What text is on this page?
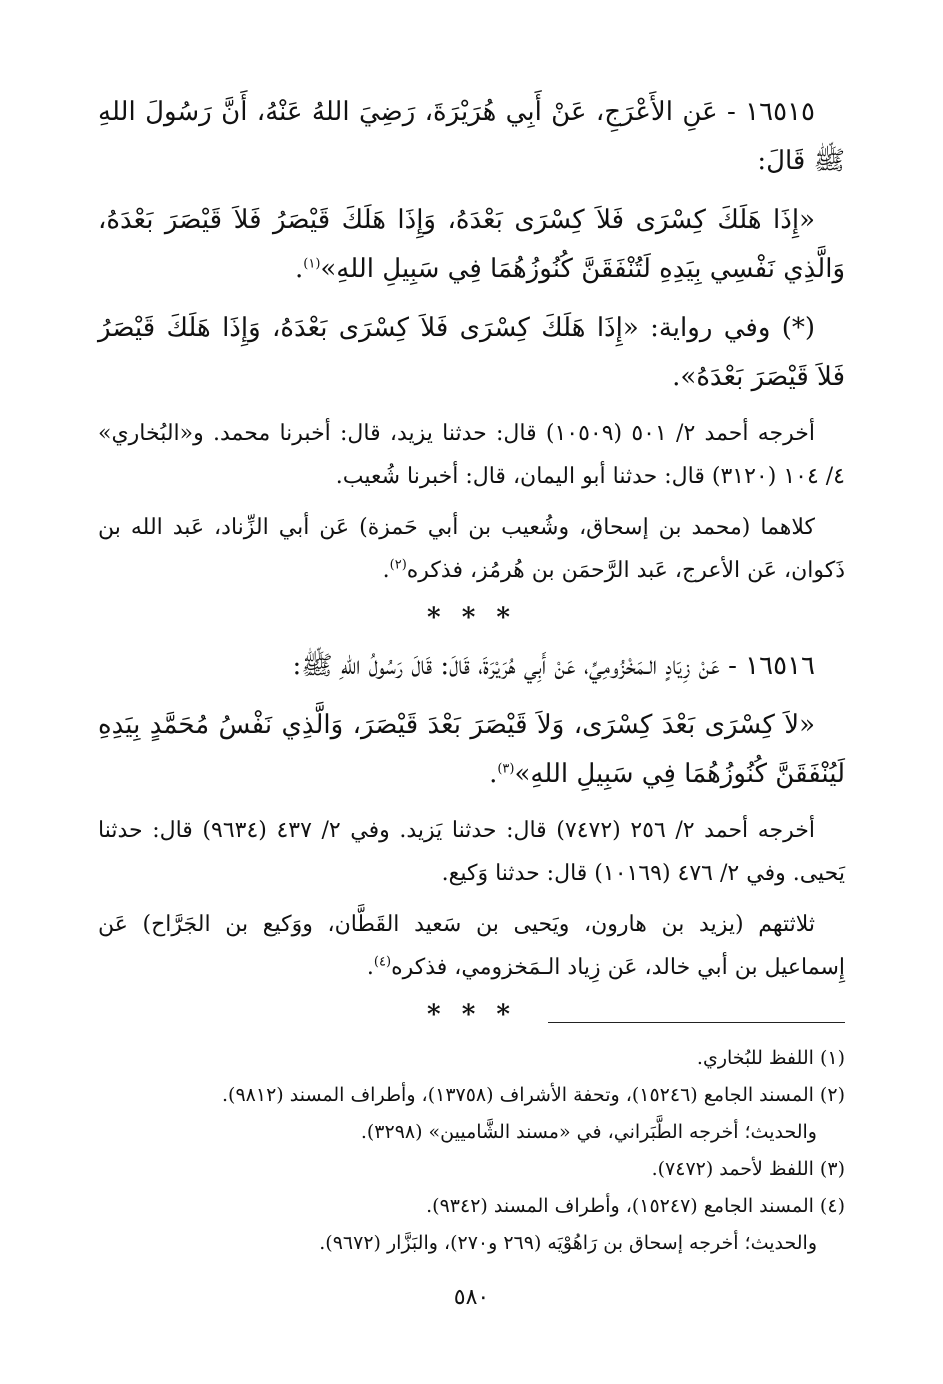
١٦٥١٥ - عَنِ الأَعْرَجِ، عَنْ أَبِي هُرَيْرَةَ، رَضِيَ اللهُ عَنْهُ، أَنَّ رَسُولَ اللهِ ﷺ قَالَ:

«إِذَا هَلَكَ كِسْرَى فَلاَ كِسْرَى بَعْدَهُ، وَإِذَا هَلَكَ قَيْصَرُ فَلاَ قَيْصَرَ بَعْدَهُ، وَالَّذِي نَفْسِي بِيَدِهِ لَتُنْفَقَنَّ كُنُوزُهُمَا فِي سَبِيلِ اللهِ»$^{(١)}$.

(*) وفي رواية: «إِذَا هَلَكَ كِسْرَى فَلاَ كِسْرَى بَعْدَهُ، وَإِذَا هَلَكَ قَيْصَرُ فَلاَ قَيْصَرَ بَعْدَهُ».

أخرجه أحمد ٢/ ٥٠١ (١٠٥٠٩) قال: حدثنا يزيد، قال: أخبرنا محمد. و«البُخاري» ٤/ ١٠٤ (٣١٢٠) قال: حدثنا أبو اليمان، قال: أخبرنا شُعيب.

كلاهما (محمد بن إسحاق، وشُعيب بن أبي حَمزة) عَن أبي الزِّناد، عَبد الله بن ذَكوان، عَن الأعرج، عَبد الرَّحمَن بن هُرمُز، فذكره$^{(٢)}$.

* * *

١٦٥١٦ - عَنْ زِيَادٍ الـمَخْزُومِيِّ، عَنْ أَبِي هُرَيْرَةَ، قَالَ: قَالَ رَسُولُ اللهِ ﷺ:

«لاَ كِسْرَى بَعْدَ كِسْرَى، وَلاَ قَيْصَرَ بَعْدَ قَيْصَرَ، وَالَّذِي نَفْسُ مُحَمَّدٍ بِيَدِهِ لَيُنْفَقَنَّ كُنُوزُهُمَا فِي سَبِيلِ اللهِ»$^{(٣)}$.

أخرجه أحمد ٢/ ٢٥٦ (٧٤٧٢) قال: حدثنا يَزيد. وفي ٢/ ٤٣٧ (٩٦٣٤) قال: حدثنا يَحيى. وفي ٢/ ٤٧٦ (١٠١٦٩) قال: حدثنا وَكيع.

ثلاثتهم (يزيد بن هارون، ويَحيى بن سَعيد القَطَّان، ووَكيع بن الجَرَّاح) عَن إِسماعيل بن أبي خالد، عَن زِياد الـمَخزومي، فذكره$^{(٤)}$.

* * *

(١) اللفظ للبُخاري.

(٢) المسند الجامع (١٥٢٤٦)، وتحفة الأشراف (١٣٧٥٨)، وأطراف المسند (٩٨١٢).

والحديث؛ أخرجه الطَّبَراني، في «مسند الشَّاميين» (٣٢٩٨).

(٣) اللفظ لأحمد (٧٤٧٢).

(٤) المسند الجامع (١٥٢٤٧)، وأطراف المسند (٩٣٤٢).

والحديث؛ أخرجه إسحاق بن رَاهُوْيَه (٢٦٩ و٢٧٠)، والبَزَّار (٩٦٧٢).

٥٨٠
